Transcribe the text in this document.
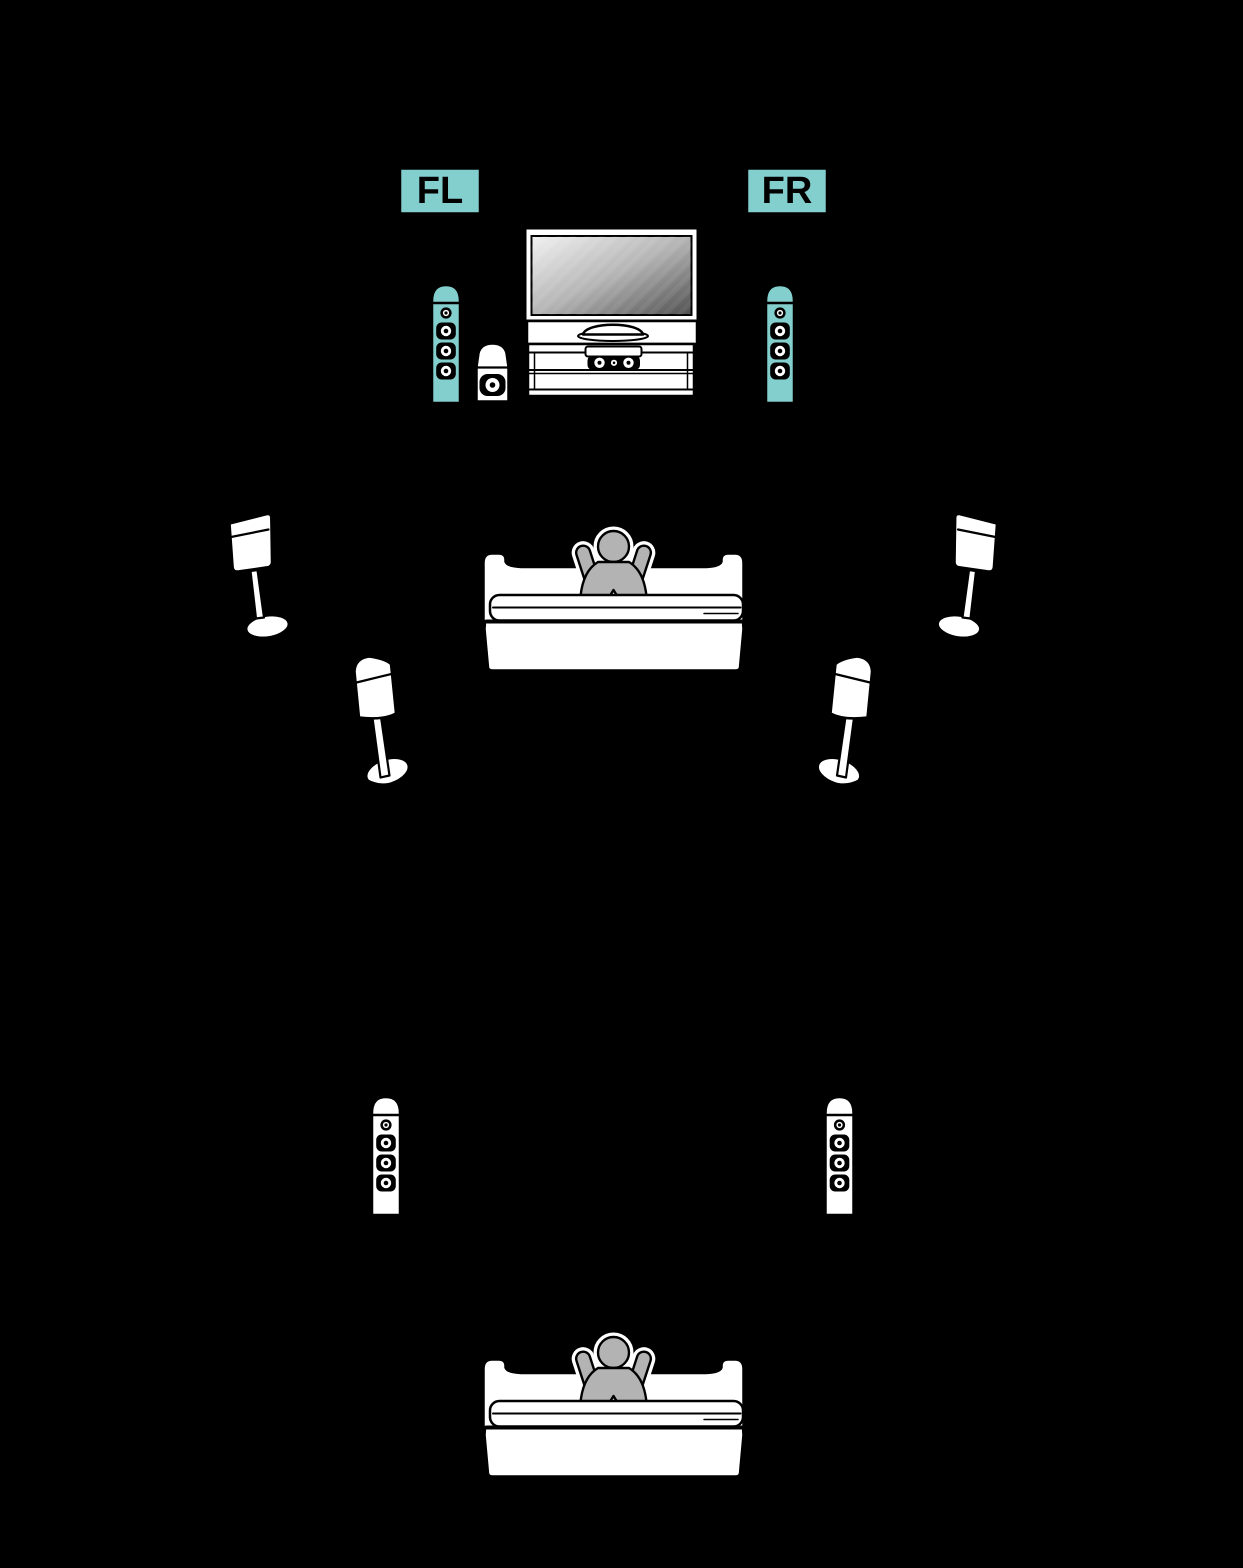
FL	FR
